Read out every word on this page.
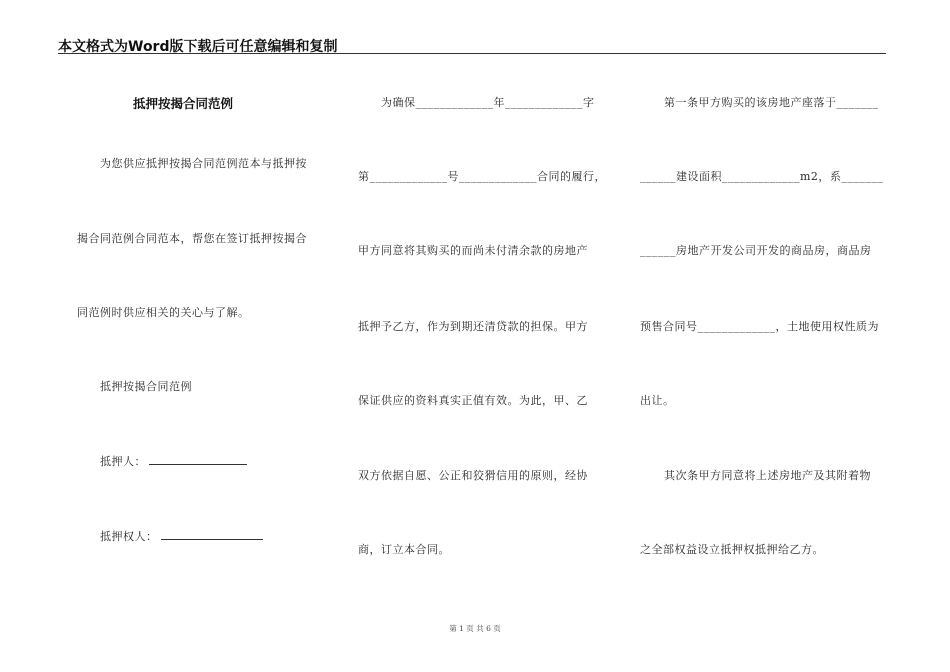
本文格式为Word版下载后可任意编辑和复制
抵押按揭合同范例
为您供应抵押按揭合同范例范本与抵押按
揭合同范例合同范本，帮您在签订抵押按揭合
同范例时供应相关的关心与了解。
抵押按揭合同范例
抵押人：
抵押权人：
为确保_____________年_____________字
第_____________号_____________合同的履行，
甲方同意将其购买的而尚未付清余款的房地产
抵押予乙方，作为到期还清贷款的担保。甲方
保证供应的资料真实正值有效。为此，甲、乙
双方依据自愿、公正和狡猾信用的原则，经协
商，订立本合同。
第一条甲方购买的该房地产座落于_______
______建设面积_____________m2，系_______
______房地产开发公司开发的商品房，商品房
预售合同号_____________，土地使用权性质为
出让。
其次条甲方同意将上述房地产及其附着物
之全部权益设立抵押权抵押给乙方。
第 1 页 共 6 页
